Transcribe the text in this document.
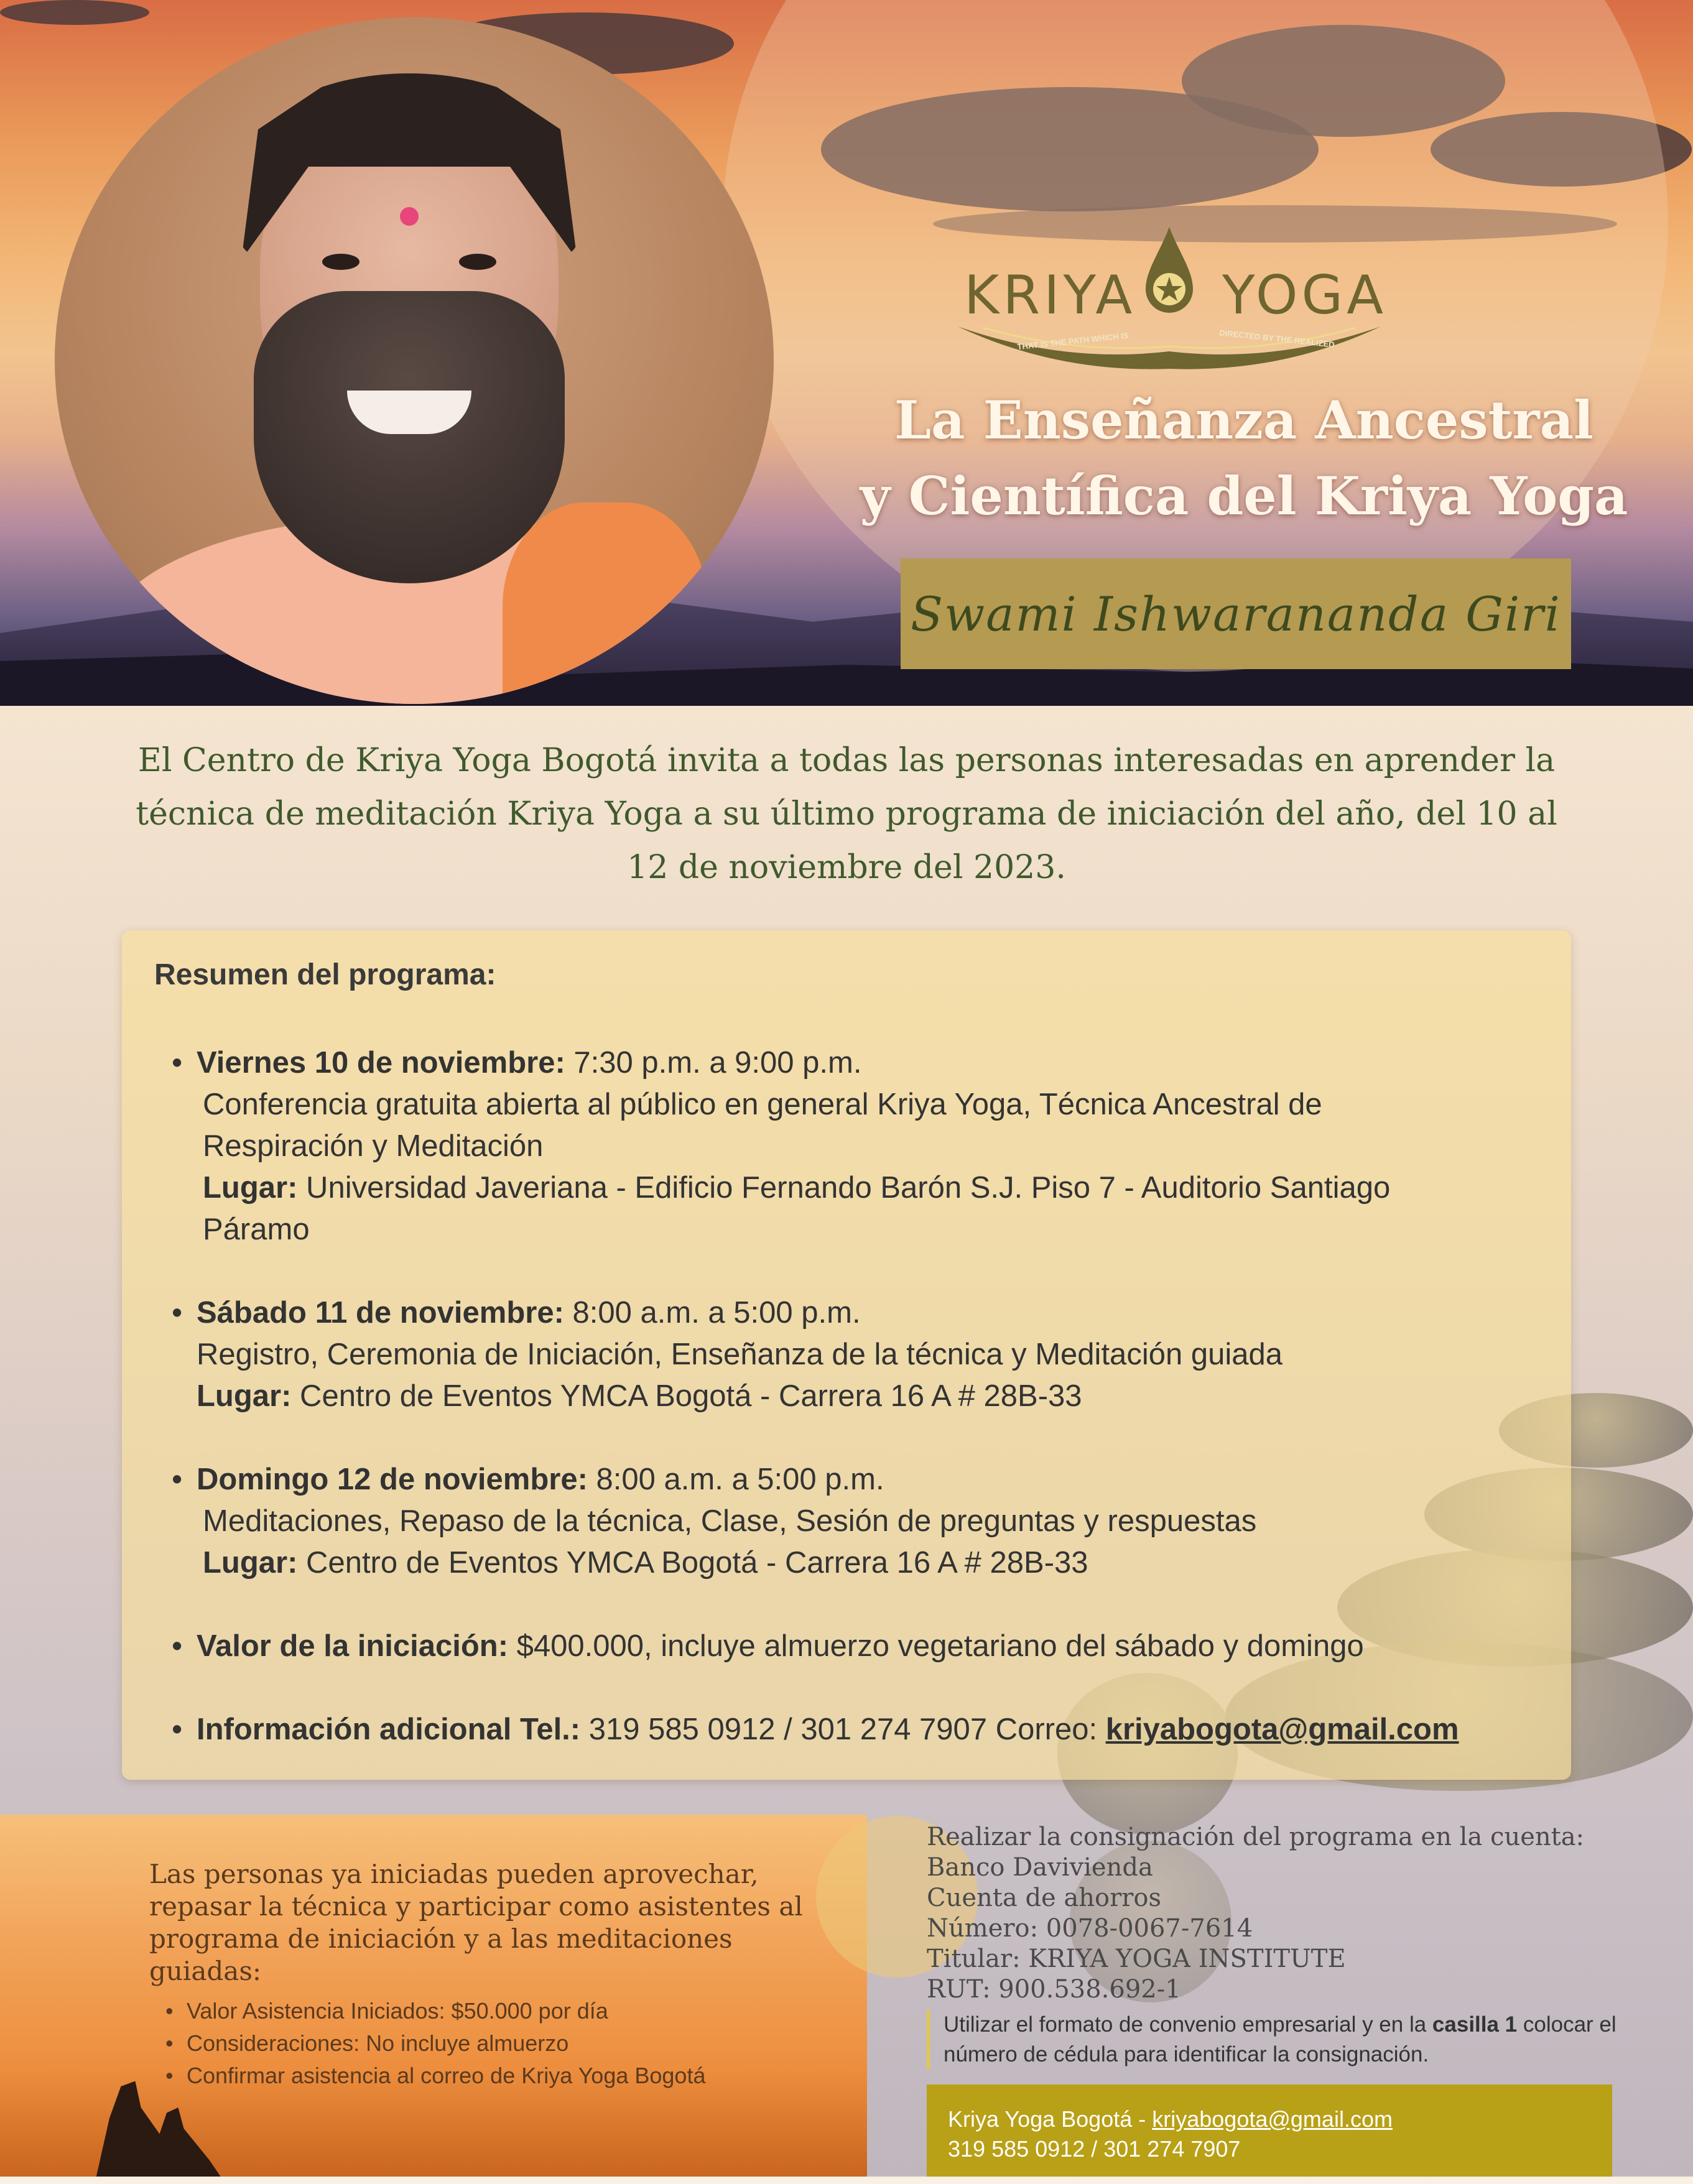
KRIYA YOGA
THAT IS THE PATH WHICH IS	DIRECTED BY THE REALIZED
La Enseñanza Ancestral
y Científica del Kriya Yoga
Swami Ishwarananda Giri
El Centro de Kriya Yoga Bogotá invita a todas las personas interesadas en aprender la técnica de meditación Kriya Yoga a su último programa de iniciación del año, del 10 al 12 de noviembre del 2023.
Resumen del programa:
• Viernes 10 de noviembre: 7:30 p.m. a 9:00 p.m.
Conferencia gratuita abierta al público en general Kriya Yoga, Técnica Ancestral de
Respiración y Meditación
Lugar: Universidad Javeriana - Edificio Fernando Barón S.J. Piso 7 - Auditorio Santiago
Páramo
• Sábado 11 de noviembre: 8:00 a.m. a 5:00 p.m.
Registro, Ceremonia de Iniciación, Enseñanza de la técnica y Meditación guiada
Lugar: Centro de Eventos YMCA Bogotá - Carrera 16 A # 28B-33
• Domingo 12 de noviembre: 8:00 a.m. a 5:00 p.m.
Meditaciones, Repaso de la técnica, Clase, Sesión de preguntas y respuestas
Lugar: Centro de Eventos YMCA Bogotá - Carrera 16 A # 28B-33
• Valor de la iniciación: $400.000, incluye almuerzo vegetariano del sábado y domingo
• Información adicional Tel.: 319 585 0912 / 301 274 7907 Correo: kriyabogota@gmail.com
Las personas ya iniciadas pueden aprovechar, repasar la técnica y participar como asistentes al programa de iniciación y a las meditaciones guiadas:
• Valor Asistencia Iniciados: $50.000 por día
• Consideraciones: No incluye almuerzo
• Confirmar asistencia al correo de Kriya Yoga Bogotá
Realizar la consignación del programa en la cuenta:
Banco Davivienda
Cuenta de ahorros
Número: 0078-0067-7614
Titular: KRIYA YOGA INSTITUTE
RUT: 900.538.692-1
Utilizar el formato de convenio empresarial y en la casilla 1 colocar el número de cédula para identificar la consignación.
Kriya Yoga Bogotá - kriyabogota@gmail.com
319 585 0912 / 301 274 7907
